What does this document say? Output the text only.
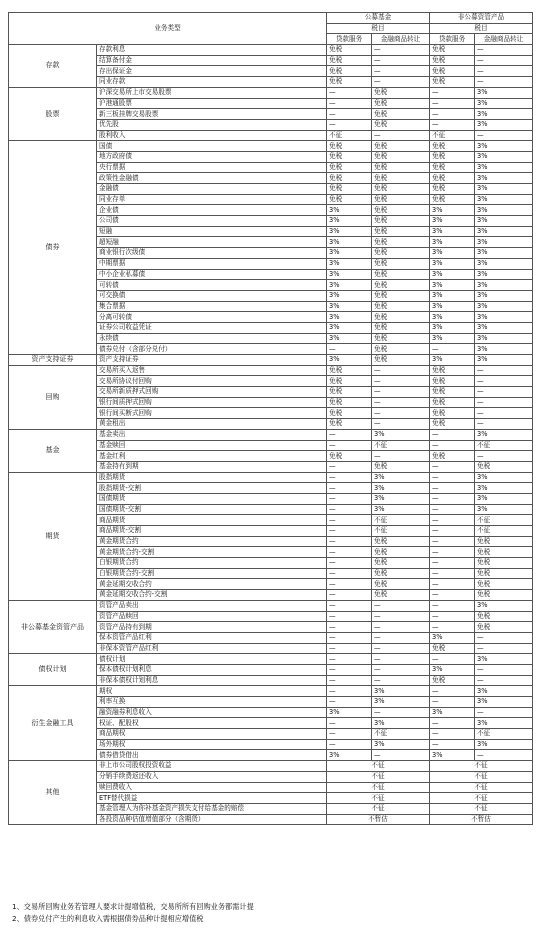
业务类型		公募基金		非公募资管产品	
		税目		税目	
		贷款服务	金融商品转让	贷款服务	金融商品转让
存款	存款利息	免税	—	免税	—
	结算备付金	免税	—	免税	—
	存出保证金	免税	—	免税	—
	同业存款	免税	—	免税	—
股票	沪深交易所上市交易股票	—	免税	—	3%
	沪港通股票	—	免税	—	3%
	新三板挂牌交易股票	—	免税	—	3%
	优先股	—	免税	—	3%
	股利收入	不征	—	不征	—
债券	国债	免税	免税	免税	3%
	地方政府债	免税	免税	免税	3%
	央行票据	免税	免税	免税	3%
	政策性金融债	免税	免税	免税	3%
	金融债	免税	免税	免税	3%
	同业存单	免税	免税	免税	3%
	企业债	3%	免税	3%	3%
	公司债	3%	免税	3%	3%
	短融	3%	免税	3%	3%
	超短融	3%	免税	3%	3%
	商业银行次级债	3%	免税	3%	3%
	中期票据	3%	免税	3%	3%
	中小企业私募债	3%	免税	3%	3%
	可转债	3%	免税	3%	3%
	可交换债	3%	免税	3%	3%
	集合票据	3%	免税	3%	3%
	分离可转债	3%	免税	3%	3%
	证券公司收益凭证	3%	免税	3%	3%
	永续债	3%	免税	3%	3%
	债券兑付（含部分兑付）	—	免税	—	3%
资产支持证券	资产支持证券	3%	免税	3%	3%
回购	交易所买入返售	免税	—	免税	—
	交易所协议付回购	免税	—	免税	—
	交易所新质押式回购	免税	—	免税	—
	银行间质押式回购	免税	—	免税	—
	银行间买断式回购	免税	—	免税	—
	黄金租出	免税	—	免税	—
基金	基金卖出	—	3%	—	3%
	基金赎回	—	不征	—	不征
	基金红利	免税	—	免税	—
	基金持有到期	—	免税	—	免税
期货	股指期货	—	3%	—	3%
	股指期货-交割	—	3%	—	3%
	国债期货	—	3%	—	3%
	国债期货-交割	—	3%	—	3%
	商品期货	—	不征	—	不征
	商品期货-交割	—	不征	—	不征
	黄金期货合约	—	免税	—	免税
	黄金期货合约-交割	—	免税	—	免税
	白银期货合约	—	免税	—	免税
	白银期货合约-交割	—	免税	—	免税
	黄金延期交收合约	—	免税	—	免税
	黄金延期交收合约-交割	—	免税	—	免税
非公募基金资管产品	资管产品卖出	—	—	—	3%
	资管产品赎回	—	—	—	免税
	资管产品持有到期	—	—	—	免税
	保本资管产品红利	—	—	3%	—
	非保本资管产品红利	—	—	免税	—
债权计划	债权计划	—	—	—	3%
	保本债权计划利息	—	—	3%	—
	非保本债权计划利息	—	—	免税	—
衍生金融工具	期权	—	3%	—	3%
	利率互换	—	3%	—	3%
	融资融券利息收入	3%	—	3%	—
	权证、配股权	—	3%	—	3%
	商品期权	—	不征	—	不征
	场外期权	—	3%	—	3%
	债券借贷借出	3%	—	3%	—
其他	非上市公司股权投资收益	不征		不征	
	分销手续费返还收入	不征		不征	
	赎回费收入	不征		不征	
	ETF替代损益	不征		不征	
	基金管理人为你补基金资产损失支付给基金的赔偿	不征		不征	
	各投资品种估值增值部分（含期货）	不暂估		不暂估	
1、交易所回购业务若管理人要求计提增值税，交易所所有回购业务都需计提
2、债券兑付产生的利息收入需根据债券品种计提相应增值税
